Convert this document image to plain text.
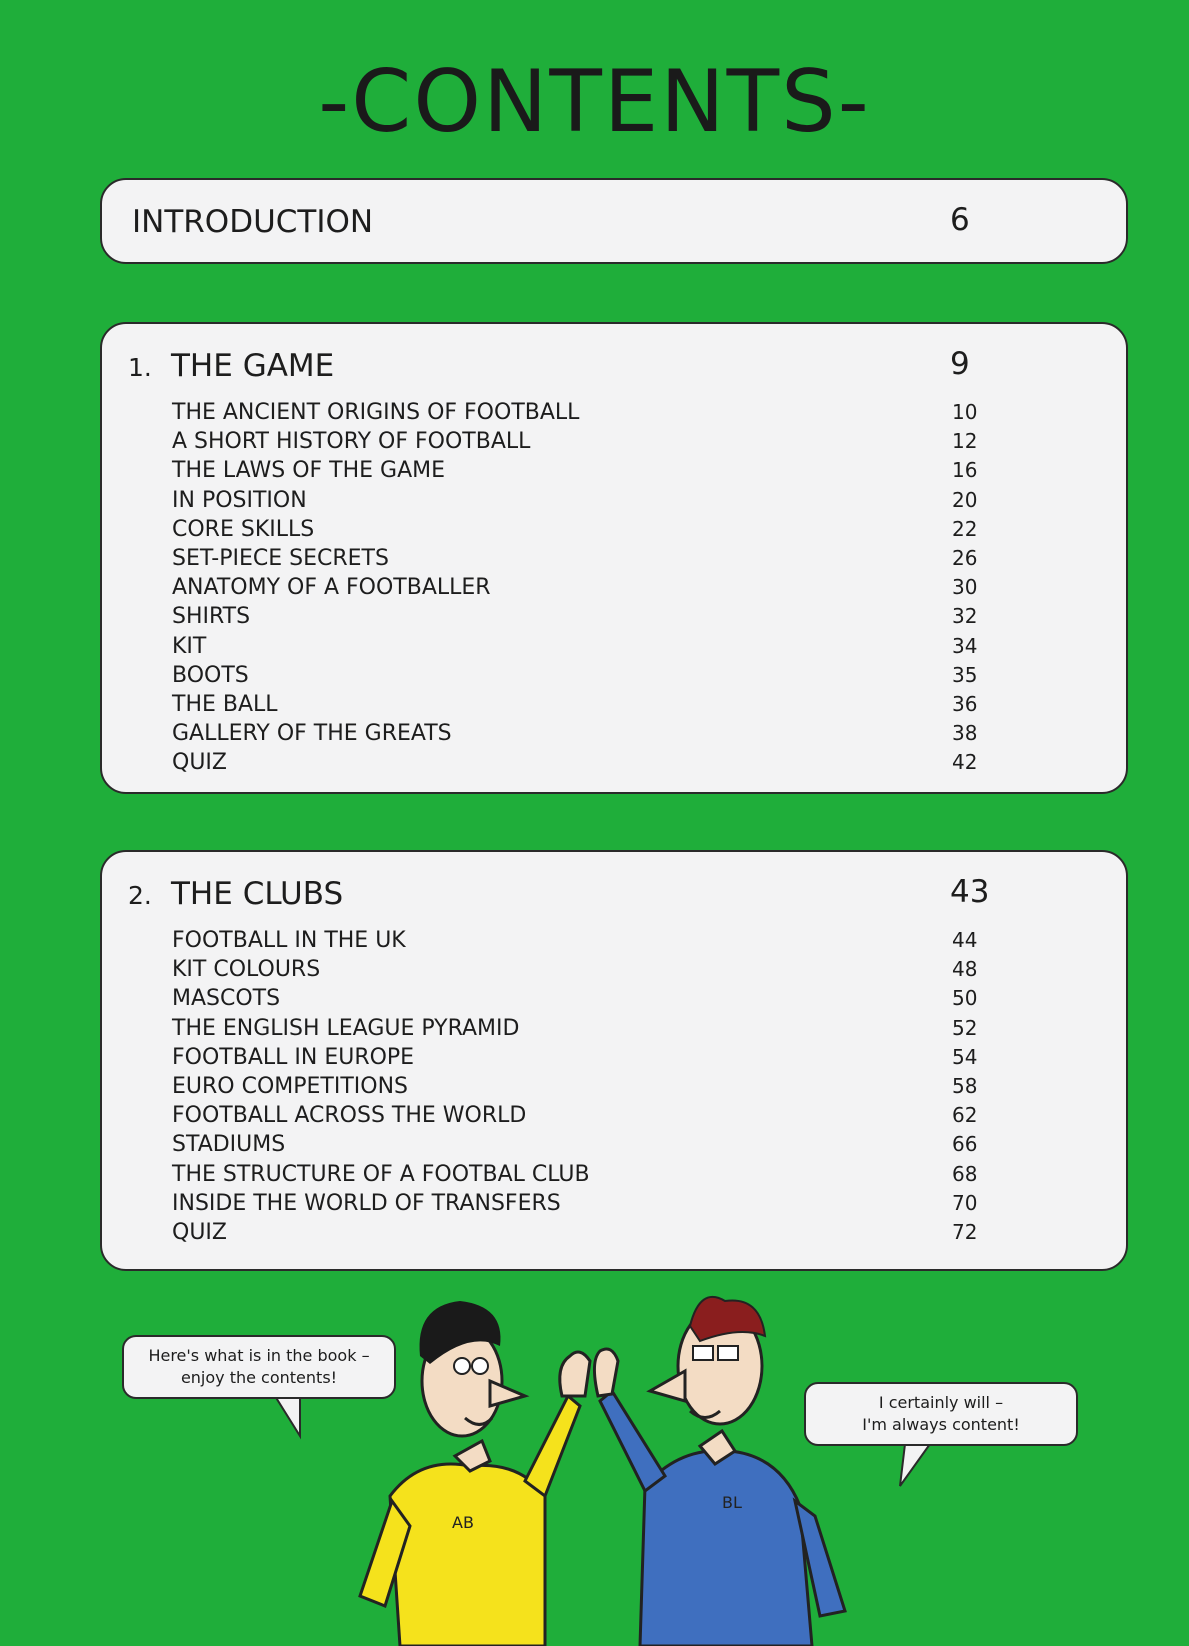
-CONTENTS-
INTRODUCTION	6
1. THE GAME	9
THE ANCIENT ORIGINS OF FOOTBALL	10
A SHORT HISTORY OF FOOTBALL	12
THE LAWS OF THE GAME	16
IN POSITION	20
CORE SKILLS	22
SET-PIECE SECRETS	26
ANATOMY OF A FOOTBALLER	30
SHIRTS	32
KIT	34
BOOTS	35
THE BALL	36
GALLERY OF THE GREATS	38
QUIZ	42
2. THE CLUBS	43
FOOTBALL IN THE UK	44
KIT COLOURS	48
MASCOTS	50
THE ENGLISH LEAGUE PYRAMID	52
FOOTBALL IN EUROPE	54
EURO COMPETITIONS	58
FOOTBALL ACROSS THE WORLD	62
STADIUMS	66
THE STRUCTURE OF A FOOTBAL CLUB	68
INSIDE THE WORLD OF TRANSFERS	70
QUIZ	72
AB
BL
Here's what is in the book –
enjoy the contents!
I certainly will –
I'm always content!
